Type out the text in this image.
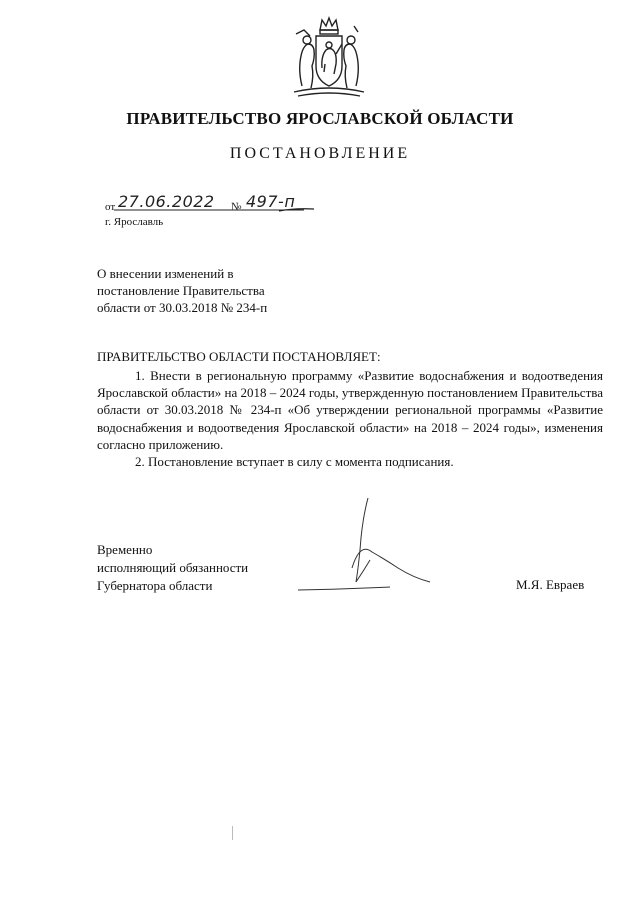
ПРАВИТЕЛЬСТВО ЯРОСЛАВСКОЙ ОБЛАСТИ
ПОСТАНОВЛЕНИЕ
от 27.06.2022 № 497-п
г. Ярославль
О внесении изменений в
постановление Правительства
области от 30.03.2018 № 234-п
ПРАВИТЕЛЬСТВО ОБЛАСТИ ПОСТАНОВЛЯЕТ:

1. Внести в региональную программу «Развитие водоснабжения и водоотведения Ярославской области» на 2018 – 2024 годы, утвержденную постановлением Правительства области от 30.03.2018 № 234-п «Об утверждении региональной программы «Развитие водоснабжения и водоотведения Ярославской области» на 2018 – 2024 годы», изменения согласно приложению.

2. Постановление вступает в силу с момента подписания.

Временно
исполняющий обязанности
Губернатора области	М.Я. Евраев
